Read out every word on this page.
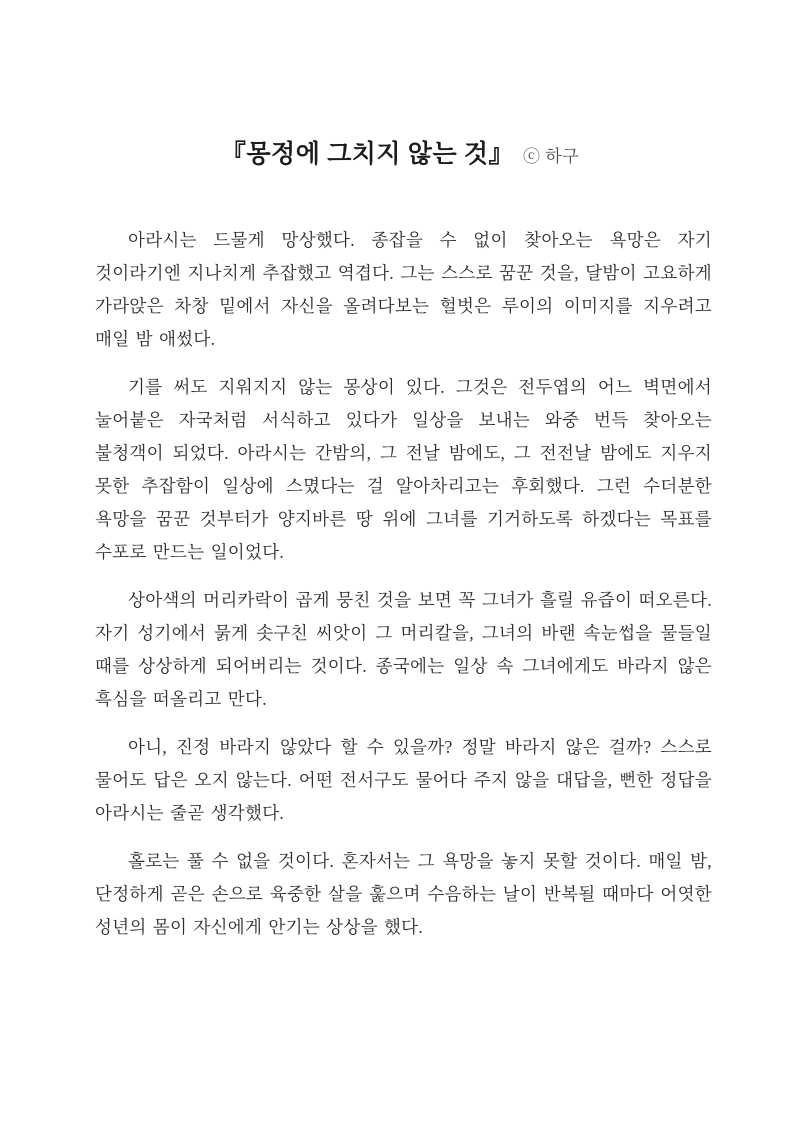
『몽정에 그치지 않는 것』 ⓒ 하구

아라시는 드물게 망상했다. 종잡을 수 없이 찾아오는 욕망은 자기 것이라기엔 지나치게 추잡했고 역겹다. 그는 스스로 꿈꾼 것을, 달밤이 고요하게 가라앉은 차창 밑에서 자신을 올려다보는 헐벗은 루이의 이미지를 지우려고 매일 밤 애썼다.

기를 써도 지워지지 않는 몽상이 있다. 그것은 전두엽의 어느 벽면에서 눌어붙은 자국처럼 서식하고 있다가 일상을 보내는 와중 번득 찾아오는 불청객이 되었다. 아라시는 간밤의, 그 전날 밤에도, 그 전전날 밤에도 지우지 못한 추잡함이 일상에 스몄다는 걸 알아차리고는 후회했다. 그런 수더분한 욕망을 꿈꾼 것부터가 양지바른 땅 위에 그녀를 기거하도록 하겠다는 목표를 수포로 만드는 일이었다.

상아색의 머리카락이 곱게 뭉친 것을 보면 꼭 그녀가 흘릴 유즙이 떠오른다. 자기 성기에서 묽게 솟구친 씨앗이 그 머리칼을, 그녀의 바랜 속눈썹을 물들일 때를 상상하게 되어버리는 것이다. 종국에는 일상 속 그녀에게도 바라지 않은 흑심을 떠올리고 만다.

아니, 진정 바라지 않았다 할 수 있을까? 정말 바라지 않은 걸까? 스스로 물어도 답은 오지 않는다. 어떤 전서구도 물어다 주지 않을 대답을, 뻔한 정답을 아라시는 줄곧 생각했다.

홀로는 풀 수 없을 것이다. 혼자서는 그 욕망을 놓지 못할 것이다. 매일 밤, 단정하게 곧은 손으로 육중한 살을 훑으며 수음하는 날이 반복될 때마다 어엿한 성년의 몸이 자신에게 안기는 상상을 했다.
